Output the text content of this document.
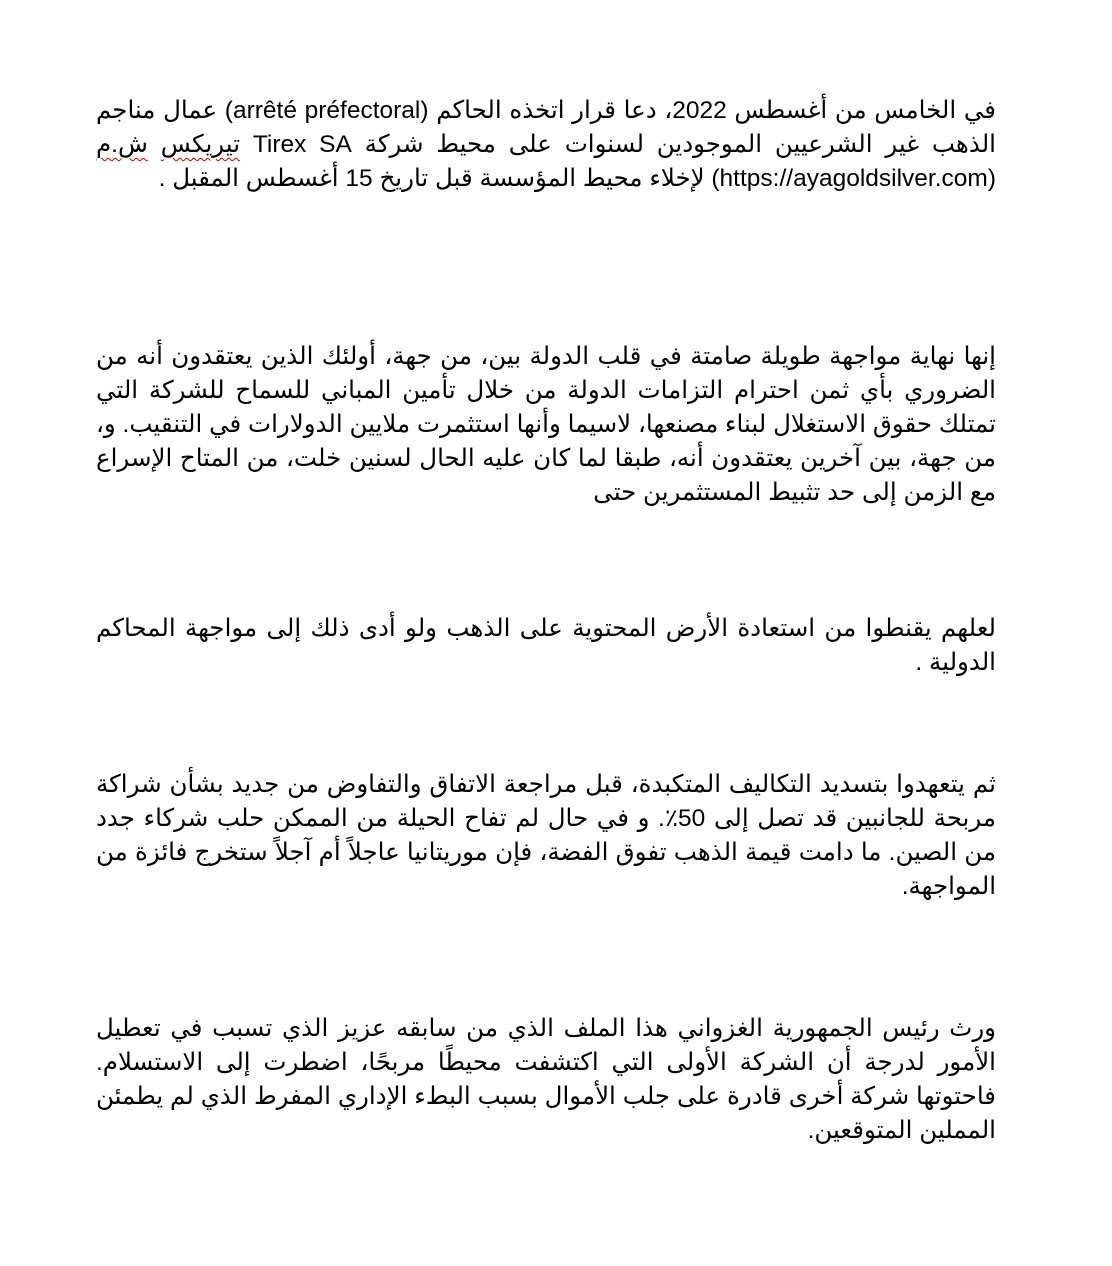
في الخامس من أغسطس 2022، دعا قرار اتخذه الحاكم (arrêté préfectoral) عمال مناجم الذهب غير الشرعيين الموجودين لسنوات على محيط شركة Tirex SA تيريكس ش.م (https://ayagoldsilver.com) لإخلاء محيط المؤسسة قبل تاريخ 15 أغسطس المقبل .

إنها نهاية مواجهة طويلة صامتة في قلب الدولة بين، من جهة، أولئك الذين يعتقدون أنه من الضروري بأي ثمن احترام التزامات الدولة من خلال تأمين المباني للسماح للشركة التي تمتلك حقوق الاستغلال لبناء مصنعها، لاسيما وأنها استثمرت ملايين الدولارات في التنقيب. و، من جهة، بين آخرين يعتقدون أنه، طبقا لما كان عليه الحال لسنين خلت، من المتاح الإسراع مع الزمن إلى حد تثبيط المستثمرين حتى

لعلهم يقنطوا من استعادة الأرض المحتوية على الذهب ولو أدى ذلك إلى مواجهة المحاكم الدولية .

ثم يتعهدوا بتسديد التكاليف المتكبدة، قبل مراجعة الاتفاق والتفاوض من جديد بشأن شراكة مربحة للجانبين قد تصل إلى 50٪. و في حال لم تفاح الحيلة من الممكن حلب شركاء جدد من الصين. ما دامت قيمة الذهب تفوق الفضة، فإن موريتانيا عاجلاً أم آجلاً ستخرج فائزة من المواجهة.

ورث رئيس الجمهورية الغزواني هذا الملف الذي من سابقه عزيز الذي تسبب في تعطيل الأمور لدرجة أن الشركة الأولى التي اكتشفت محيطًا مربحًا، اضطرت إلى الاستسلام. فاحتوتها شركة أخرى قادرة على جلب الأموال بسبب البطء الإداري المفرط الذي لم يطمئن المملين المتوقعين.
